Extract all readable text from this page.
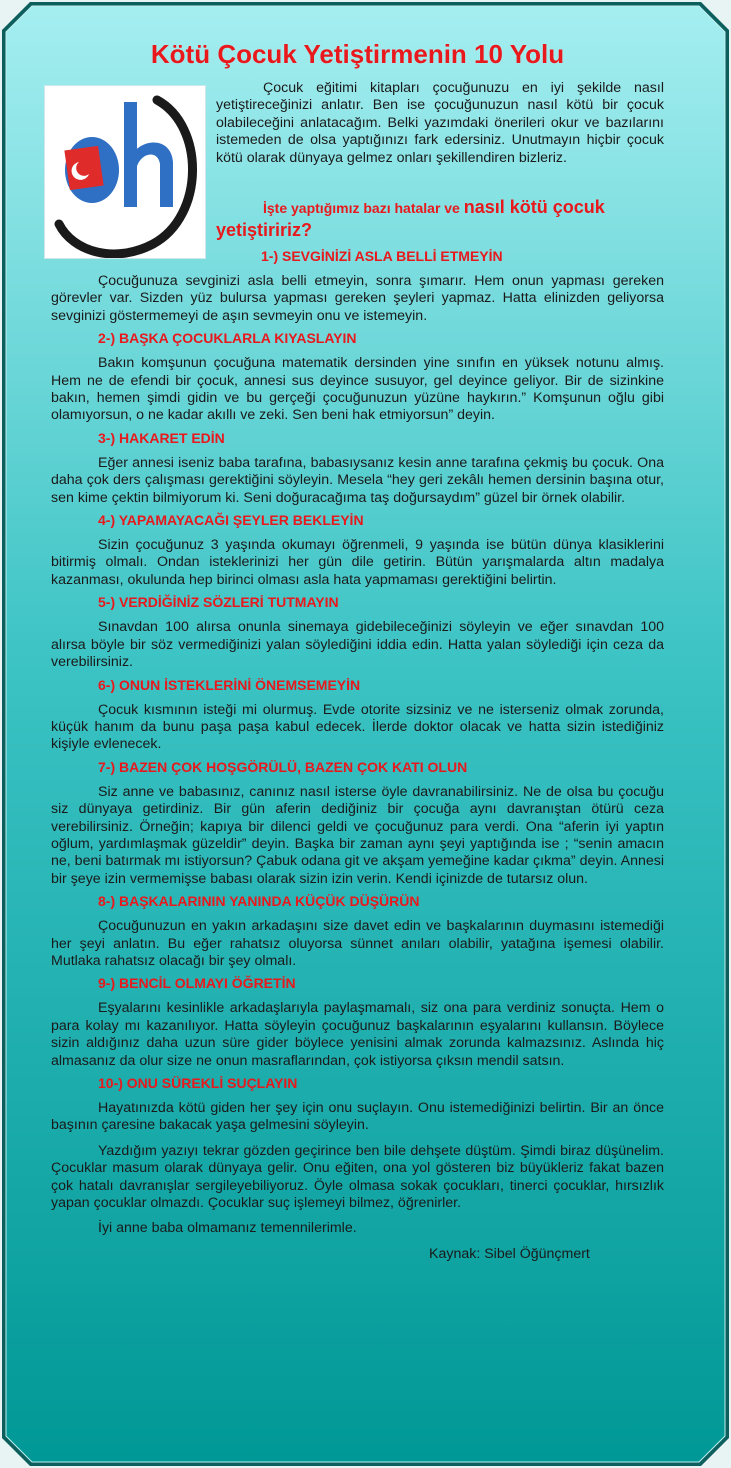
Kötü Çocuk Yetiştirmenin 10 Yolu

Çocuk eğitimi kitapları çocuğunuzu en iyi şekilde nasıl yetiştireceğinizi anlatır. Ben ise çocuğunuzun nasıl kötü bir çocuk olabileceğini anlatacağım. Belki yazımdaki önerileri okur ve bazılarını istemeden de olsa yaptığınızı fark edersiniz. Unutmayın hiçbir çocuk kötü olarak dünyaya gelmez onları şekillendiren bizleriz.

İşte yaptığımız bazı hatalar ve nasıl kötü çocuk yetiştiririz?
1-) SEVGİNİZİ ASLA BELLİ ETMEYİN

Çocuğunuza sevginizi asla belli etmeyin, sonra şımarır. Hem onun yapması gereken görevler var. Sizden yüz bulursa yapması gereken şeyleri yapmaz. Hatta elinizden geliyorsa sevginizi göstermemeyi de aşın sevmeyin onu ve istemeyin.

2-) BAŞKA ÇOCUKLARLA KIYASLAYIN

Bakın komşunun çocuğuna matematik dersinden yine sınıfın en yüksek notunu almış. Hem ne de efendi bir çocuk, annesi sus deyince susuyor, gel deyince geliyor. Bir de sizinkine bakın, hemen şimdi gidin ve bu gerçeği çocuğunuzun yüzüne haykırın.” Komşunun oğlu gibi olamıyorsun, o ne kadar akıllı ve zeki. Sen beni hak etmiyorsun” deyin.

3-) HAKARET EDİN

Eğer annesi iseniz baba tarafına, babasıysanız kesin anne tarafına çekmiş bu çocuk. Ona daha çok ders çalışması gerektiğini söyleyin. Mesela “hey geri zekâlı hemen dersinin başına otur, sen kime çektin bilmiyorum ki. Seni doğuracağıma taş doğursaydım” güzel bir örnek olabilir.

4-) YAPAMAYACAĞI ŞEYLER BEKLEYİN

Sizin çocuğunuz 3 yaşında okumayı öğrenmeli, 9 yaşında ise bütün dünya klasiklerini bitirmiş olmalı. Ondan isteklerinizi her gün dile getirin. Bütün yarışmalarda altın madalya kazanması, okulunda hep birinci olması asla hata yapmaması gerektiğini belirtin.

5-) VERDİĞİNİZ SÖZLERİ TUTMAYIN

Sınavdan 100 alırsa onunla sinemaya gidebileceğinizi söyleyin ve eğer sınavdan 100 alırsa böyle bir söz vermediğinizi yalan söylediğini iddia edin. Hatta yalan söylediği için ceza da verebilirsiniz.

6-) ONUN İSTEKLERİNİ ÖNEMSEMEYİN

Çocuk kısmının isteği mi olurmuş. Evde otorite sizsiniz ve ne isterseniz olmak zorunda, küçük hanım da bunu paşa paşa kabul edecek. İlerde doktor olacak ve hatta sizin istediğiniz kişiyle evlenecek.

7-) BAZEN ÇOK HOŞGÖRÜLÜ, BAZEN ÇOK KATI OLUN

Siz anne ve babasınız, canınız nasıl isterse öyle davranabilirsiniz. Ne de olsa bu çocuğu siz dünyaya getirdiniz. Bir gün aferin dediğiniz bir çocuğa aynı davranıştan ötürü ceza verebilirsiniz. Örneğin; kapıya bir dilenci geldi ve çocuğunuz para verdi. Ona “aferin iyi yaptın oğlum, yardımlaşmak güzeldir” deyin. Başka bir zaman aynı şeyi yaptığında ise ; “senin amacın ne, beni batırmak mı istiyorsun? Çabuk odana git ve akşam yemeğine kadar çıkma” deyin. Annesi bir şeye izin vermemişse babası olarak sizin izin verin. Kendi içinizde de tutarsız olun.

8-) BAŞKALARININ YANINDA KÜÇÜK DÜŞÜRÜN

Çocuğunuzun en yakın arkadaşını size davet edin ve başkalarının duymasını istemediği her şeyi anlatın. Bu eğer rahatsız oluyorsa sünnet anıları olabilir, yatağına işemesi olabilir. Mutlaka rahatsız olacağı bir şey olmalı.

9-) BENCİL OLMAYI ÖĞRETİN

Eşyalarını kesinlikle arkadaşlarıyla paylaşmamalı, siz ona para verdiniz sonuçta. Hem o para kolay mı kazanılıyor. Hatta söyleyin çocuğunuz başkalarının eşyalarını kullansın. Böylece sizin aldığınız daha uzun süre gider böylece yenisini almak zorunda kalmazsınız. Aslında hiç almasanız da olur size ne onun masraflarından, çok istiyorsa çıksın mendil satsın.

10-) ONU SÜREKLİ SUÇLAYIN

Hayatınızda kötü giden her şey için onu suçlayın. Onu istemediğinizi belirtin. Bir an önce başının çaresine bakacak yaşa gelmesini söyleyin.

Yazdığım yazıyı tekrar gözden geçirince ben bile dehşete düştüm. Şimdi biraz düşünelim. Çocuklar masum olarak dünyaya gelir. Onu eğiten, ona yol gösteren biz büyükleriz fakat bazen çok hatalı davranışlar sergileyebiliyoruz. Öyle olmasa sokak çocukları, tinerci çocuklar, hırsızlık yapan çocuklar olmazdı. Çocuklar suç işlemeyi bilmez, öğrenirler.

İyi anne baba olmamanız temennilerimle.

Kaynak: Sibel Öğünçmert
